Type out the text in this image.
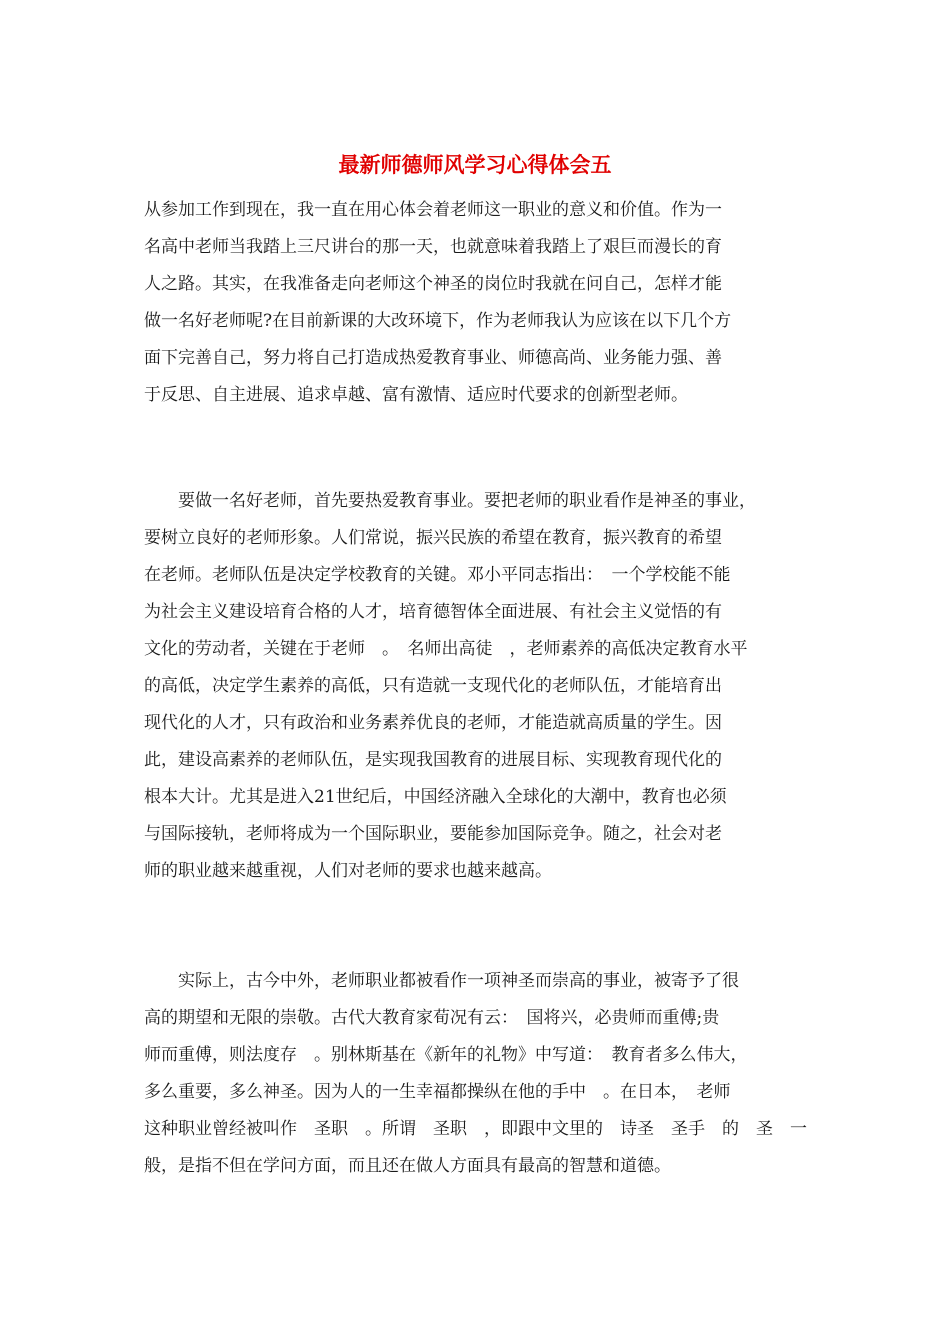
最新师德师风学习心得体会五
从参加工作到现在，我一直在用心体会着老师这一职业的意义和价值。作为一
名高中老师当我踏上三尺讲台的那一天，也就意味着我踏上了艰巨而漫长的育
人之路。其实，在我准备走向老师这个神圣的岗位时我就在问自己，怎样才能
做一名好老师呢?在目前新课的大改环境下，作为老师我认为应该在以下几个方
面下完善自己，努力将自己打造成热爱教育事业、师德高尚、业务能力强、善
于反思、自主进展、追求卓越、富有激情、适应时代要求的创新型老师。
　　要做一名好老师，首先要热爱教育事业。要把老师的职业看作是神圣的事业，
要树立良好的老师形象。人们常说，振兴民族的希望在教育，振兴教育的希望
在老师。老师队伍是决定学校教育的关键。邓小平同志指出：　一个学校能不能
为社会主义建设培育合格的人才，培育德智体全面进展、有社会主义觉悟的有
文化的劳动者，关键在于老师　。　名师出高徒　，老师素养的高低决定教育水平
的高低，决定学生素养的高低，只有造就一支现代化的老师队伍，才能培育出
现代化的人才，只有政治和业务素养优良的老师，才能造就高质量的学生。因
此，建设高素养的老师队伍，是实现我国教育的进展目标、实现教育现代化的
根本大计。尤其是进入21世纪后，中国经济融入全球化的大潮中，教育也必须
与国际接轨，老师将成为一个国际职业，要能参加国际竞争。随之，社会对老
师的职业越来越重视，人们对老师的要求也越来越高。
　　实际上，古今中外，老师职业都被看作一项神圣而崇高的事业，被寄予了很
高的期望和无限的崇敬。古代大教育家荀况有云：　国将兴，必贵师而重傅;贵
师而重傅，则法度存　。别林斯基在《新年的礼物》中写道：　教育者多么伟大，
多么重要，多么神圣。因为人的一生幸福都操纵在他的手中　。在日本，　老师
这种职业曾经被叫作　圣职　。所谓　圣职　，即跟中文里的　诗圣　圣手　的　圣　一
般，是指不但在学问方面，而且还在做人方面具有最高的智慧和道德。
